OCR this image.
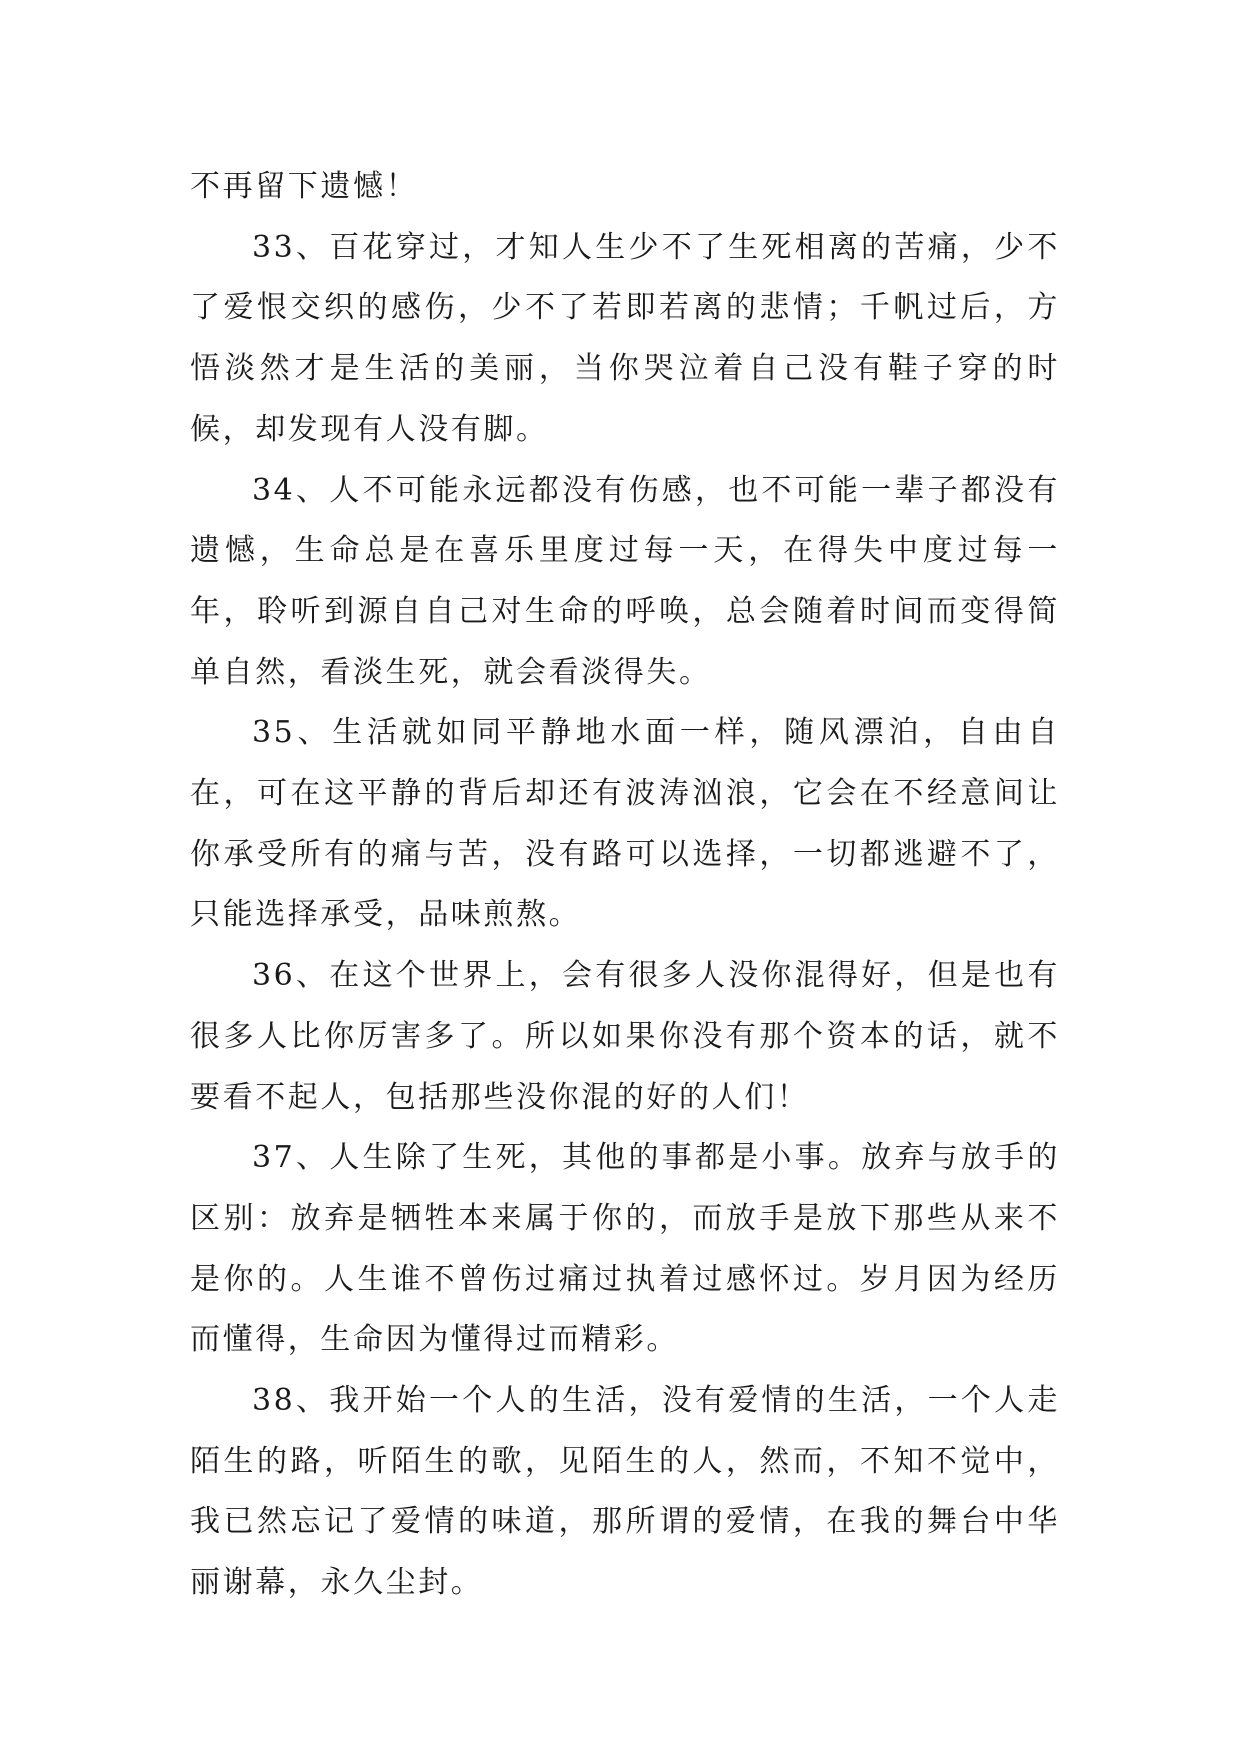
不再留下遗憾！

33、百花穿过，才知人生少不了生死相离的苦痛，少不了爱恨交织的感伤，少不了若即若离的悲情；千帆过后，方悟淡然才是生活的美丽，当你哭泣着自己没有鞋子穿的时候，却发现有人没有脚。

34、人不可能永远都没有伤感，也不可能一辈子都没有遗憾，生命总是在喜乐里度过每一天，在得失中度过每一年，聆听到源自自己对生命的呼唤，总会随着时间而变得简单自然，看淡生死，就会看淡得失。

35、生活就如同平静地水面一样，随风漂泊，自由自在，可在这平静的背后却还有波涛汹浪，它会在不经意间让你承受所有的痛与苦，没有路可以选择，一切都逃避不了，只能选择承受，品味煎熬。

36、在这个世界上，会有很多人没你混得好，但是也有很多人比你厉害多了。所以如果你没有那个资本的话，就不要看不起人，包括那些没你混的好的人们！

37、人生除了生死，其他的事都是小事。放弃与放手的区别：放弃是牺牲本来属于你的，而放手是放下那些从来不是你的。人生谁不曾伤过痛过执着过感怀过。岁月因为经历而懂得，生命因为懂得过而精彩。

38、我开始一个人的生活，没有爱情的生活，一个人走陌生的路，听陌生的歌，见陌生的人，然而，不知不觉中，我已然忘记了爱情的味道，那所谓的爱情，在我的舞台中华丽谢幕，永久尘封。
